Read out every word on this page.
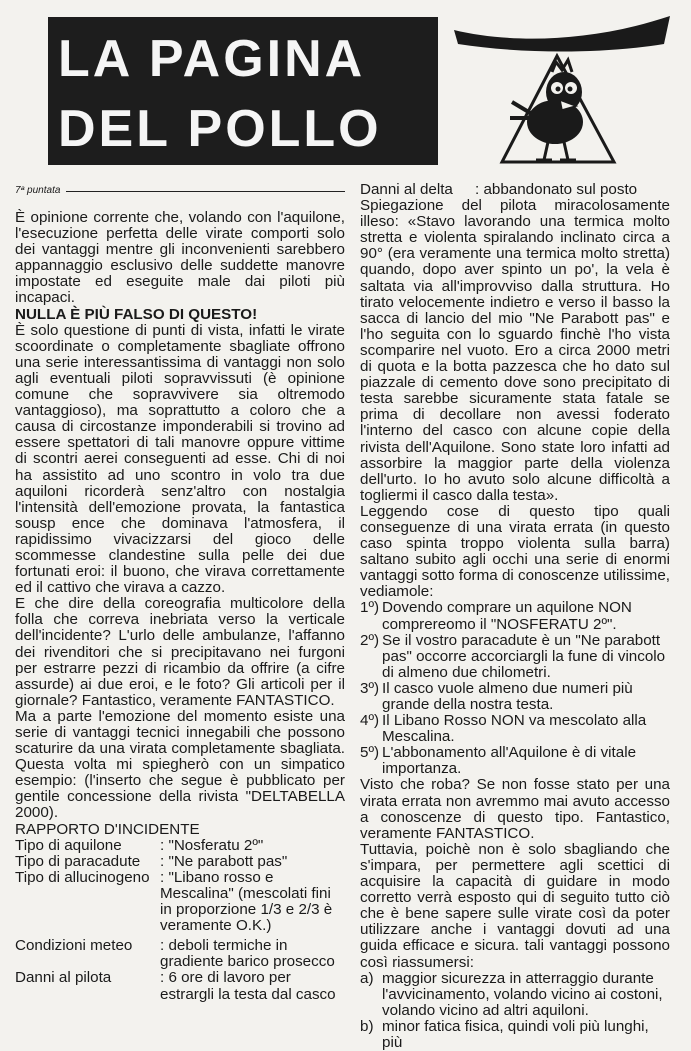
LA PAGINA
DEL POLLO
7ª puntata

È opinione corrente che, volando con l'aquilone, l'esecuzione perfetta delle virate comporti solo dei vantaggi mentre gli inconvenienti sarebbero appannaggio esclusivo delle suddette manovre impostate ed eseguite male dai piloti più incapaci.

NULLA È PIÙ FALSO DI QUESTO!

È solo questione di punti di vista, infatti le virate scoordinate o completamente sbagliate offrono una serie interessantissima di vantaggi non solo agli eventuali piloti sopravvissuti (è opinione comune che sopravvivere sia oltremodo vantaggioso), ma soprattutto a coloro che a causa di circostanze imponderabili si trovino ad essere spettatori di tali manovre oppure vittime di scontri aerei conseguenti ad esse. Chi di noi ha assistito ad uno scontro in volo tra due aquiloni ricorderà senz'altro con nostalgia l'intensità dell'emozione provata, la fantastica sousp ence che dominava l'atmosfera, il rapidissimo vivacizzarsi del gioco delle scommesse clandestine sulla pelle dei due fortunati eroi: il buono, che virava correttamente ed il cattivo che virava a cazzo.

E che dire della coreografia multicolore della folla che correva inebriata verso la verticale dell'incidente? L'urlo delle ambulanze, l'affanno dei rivenditori che si precipitavano nei furgoni per estrarre pezzi di ricambio da offrire (a cifre assurde) ai due eroi, e le foto? Gli articoli per il giornale? Fantastico, veramente FANTASTICO.

Ma a parte l'emozione del momento esiste una serie di vantaggi tecnici innegabili che possono scaturire da una virata completamente sbagliata. Questa volta mi spiegherò con un simpatico esempio: (l'inserto che segue è pubblicato per gentile concessione della rivista "DELTABELLA 2000).

RAPPORTO D'INCIDENTE

Tipo di aquilone	: "Nosferatu 2º"
Tipo di paracadute	: "Ne parabott pas"
Tipo di allucinogeno : "Libano rosso e Mescalina" (mescolati fini in proporzione 1/3 e 2/3 è veramente O.K.)
Condizioni meteo	: deboli termiche in gradiente barico prosecco
Danni al pilota	: 6 ore di lavoro per estrargli la testa dal casco
Danni al delta	: abbandonato sul posto

Spiegazione del pilota miracolosamente illeso: «Stavo lavorando una termica molto stretta e violenta spiralando inclinato circa a 90° (era veramente una termica molto stretta) quando, dopo aver spinto un po', la vela è saltata via all'improvviso dalla struttura. Ho tirato velocemente indietro e verso il basso la sacca di lancio del mio "Ne Parabott pas" e l'ho seguita con lo sguardo finchè l'ho vista scomparire nel vuoto. Ero a circa 2000 metri di quota e la botta pazzesca che ho dato sul piazzale di cemento dove sono precipitato di testa sarebbe sicuramente stata fatale se prima di decollare non avessi foderato l'interno del casco con alcune copie della rivista dell'Aquilone. Sono state loro infatti ad assorbire la maggior parte della violenza dell'urto. Io ho avuto solo alcune difficoltà a togliermi il casco dalla testa».

Leggendo cose di questo tipo quali conseguenze di una virata errata (in questo caso spinta troppo violenta sulla barra) saltano subito agli occhi una serie di enormi vantaggi sotto forma di conoscenze utilissime, vediamole:

1º) Dovendo comprare un aquilone NON comprereomo il "NOSFERATU 2º".
2º) Se il vostro paracadute è un "Ne parabott pas" occorre accorciargli la fune di vincolo di almeno due chilometri.
3º) Il casco vuole almeno due numeri più grande della nostra testa.
4º) Il Libano Rosso NON va mescolato alla Mescalina.
5º) L'abbonamento all'Aquilone è di vitale importanza.

Visto che roba? Se non fosse stato per una virata errata non avremmo mai avuto accesso a conoscenze di questo tipo. Fantastico, veramente FANTASTICO.

Tuttavia, poichè non è solo sbagliando che s'impara, per permettere agli scettici di acquisire la capacità di guidare in modo corretto verrà esposto qui di seguito tutto ciò che è bene sapere sulle virate così da poter utilizzare anche i vantaggi dovuti ad una guida efficace e sicura. tali vantaggi possono così riassumersi:

a) maggior sicurezza in atterraggio durante l'avvicinamento, volando vicino ai costoni, volando vicino ad altri aquiloni.
b) minor fatica fisica, quindi voli più lunghi, più
